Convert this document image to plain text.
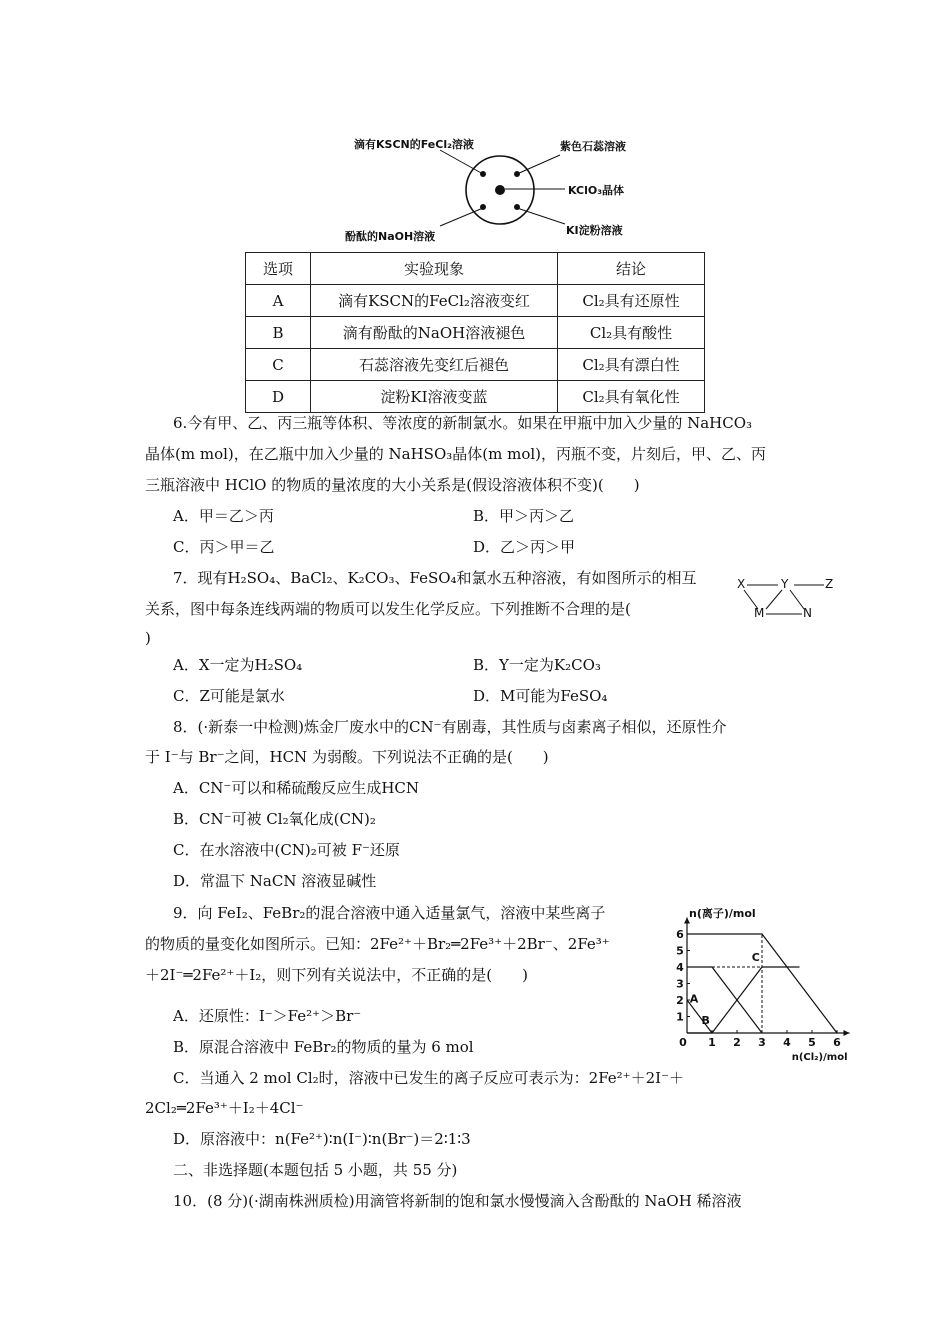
滴有KSCN的FeCl₂溶液	紫色石蕊溶液
KClO₃晶体
KI淀粉溶液
酚酞的NaOH溶液
选项	实验现象	结论
A	滴有KSCN的FeCl₂溶液变红	Cl₂具有还原性
B	滴有酚酞的NaOH溶液褪色	Cl₂具有酸性
C	石蕊溶液先变红后褪色	Cl₂具有漂白性
D	淀粉KI溶液变蓝	Cl₂具有氧化性
6.今有甲、乙、丙三瓶等体积、等浓度的新制氯水。如果在甲瓶中加入少量的 NaHCO₃
晶体(m mol)，在乙瓶中加入少量的 NaHSO₃晶体(m mol)，丙瓶不变，片刻后，甲、乙、丙
三瓶溶液中 HClO 的物质的量浓度的大小关系是(假设溶液体积不变)(　　)
A．甲＝乙＞丙	B．甲＞丙＞乙
C．丙＞甲＝乙	D．乙＞丙＞甲
7．现有H₂SO₄、BaCl₂、K₂CO₃、FeSO₄和氯水五种溶液，有如图所示的相互
关系，图中每条连线两端的物质可以发生化学反应。下列推断不合理的是(
)
X	Y	Z
M	N
A．X一定为H₂SO₄	B．Y一定为K₂CO₃
C．Z可能是氯水	D．M可能为FeSO₄
8．(·新泰一中检测)炼金厂废水中的CN⁻有剧毒，其性质与卤素离子相似，还原性介
于 I⁻与 Br⁻之间，HCN 为弱酸。下列说法不正确的是(　　)
A．CN⁻可以和稀硫酸反应生成HCN
B．CN⁻可被 Cl₂氧化成(CN)₂
C．在水溶液中(CN)₂可被 F⁻还原
D．常温下 NaCN 溶液显碱性
9．向 FeI₂、FeBr₂的混合溶液中通入适量氯气，溶液中某些离子
的物质的量变化如图所示。已知：2Fe²⁺＋Br₂═2Fe³⁺＋2Br⁻、2Fe³⁺
＋2I⁻═2Fe²⁺＋I₂，则下列有关说法中，不正确的是(　　)
A．还原性：I⁻＞Fe²⁺＞Br⁻
B．原混合溶液中 FeBr₂的物质的量为 6 mol
C．当通入 2 mol Cl₂时，溶液中已发生的离子反应可表示为：2Fe²⁺＋2I⁻＋
2Cl₂═2Fe³⁺＋I₂＋4Cl⁻
D．原溶液中：n(Fe²⁺)∶n(I⁻)∶n(Br⁻)＝2∶1∶3
0 1 2 3 4 5 6
1
2
3
4
5
6
n(离子)/mol
n(Cl₂)/mol
A
B
C
二、非选择题(本题包括 5 小题，共 55 分)
10．(8 分)(·湖南株洲质检)用滴管将新制的饱和氯水慢慢滴入含酚酞的 NaOH 稀溶液
